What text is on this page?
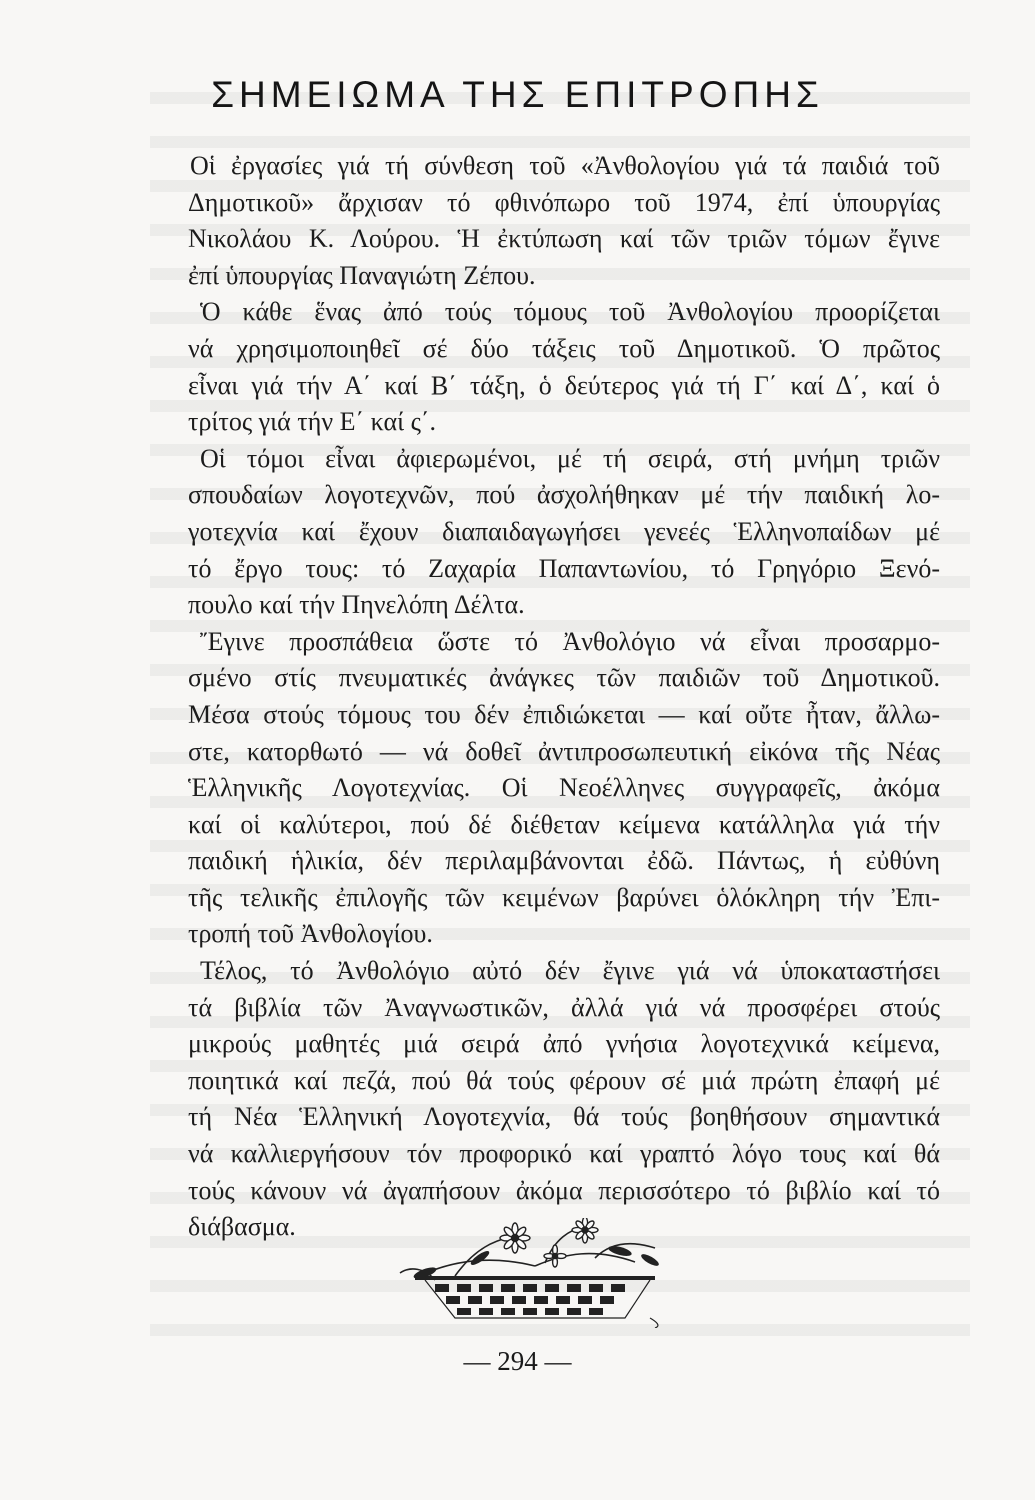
ΣΗΜΕΙΩΜΑ ΤΗΣ ΕΠΙΤΡΟΠΗΣ
Οἱ ἐργασίες γιά τή σύνθεση τοῦ «Ἀνθολογίου γιά τά παιδιά τοῦ
Δημοτικοῦ» ἄρχισαν τό φθινόπωρο τοῦ 1974, ἐπί ὑπουργίας
Νικολάου Κ. Λούρου. Ἡ ἐκτύπωση καί τῶν τριῶν τόμων ἔγινε
ἐπί ὑπουργίας Παναγιώτη Ζέπου.
Ὁ κάθε ἕνας ἀπό τούς τόμους τοῦ Ἀνθολογίου προορίζεται
νά χρησιμοποιηθεῖ σέ δύο τάξεις τοῦ Δημοτικοῦ. Ὁ πρῶτος
εἶναι γιά τήν Α΄ καί Β΄ τάξη, ὁ δεύτερος γιά τή Γ΄ καί Δ΄, καί ὁ
τρίτος γιά τήν Ε΄ καί ς΄.
Οἱ τόμοι εἶναι ἀφιερωμένοι, μέ τή σειρά, στή μνήμη τριῶν
σπουδαίων λογοτεχνῶν, πού ἀσχολήθηκαν μέ τήν παιδική λο-
γοτεχνία καί ἔχουν διαπαιδαγωγήσει γενεές Ἑλληνοπαίδων μέ
τό ἔργο τους: τό Ζαχαρία Παπαντωνίου, τό Γρηγόριο Ξενό-
πουλο καί τήν Πηνελόπη Δέλτα.
Ἔγινε προσπάθεια ὥστε τό Ἀνθολόγιο νά εἶναι προσαρμο-
σμένο στίς πνευματικές ἀνάγκες τῶν παιδιῶν τοῦ Δημοτικοῦ.
Μέσα στούς τόμους του δέν ἐπιδιώκεται — καί οὔτε ἦταν, ἄλλω-
στε, κατορθωτό — νά δοθεῖ ἀντιπροσωπευτική εἰκόνα τῆς Νέας
Ἑλληνικῆς Λογοτεχνίας. Οἱ Νεοέλληνες συγγραφεῖς, ἀκόμα
καί οἱ καλύτεροι, πού δέ διέθεταν κείμενα κατάλληλα γιά τήν
παιδική ἡλικία, δέν περιλαμβάνονται ἐδῶ. Πάντως, ἡ εὐθύνη
τῆς τελικῆς ἐπιλογῆς τῶν κειμένων βαρύνει ὁλόκληρη τήν Ἐπι-
τροπή τοῦ Ἀνθολογίου.
Τέλος, τό Ἀνθολόγιο αὐτό δέν ἔγινε γιά νά ὑποκαταστήσει
τά βιβλία τῶν Ἀναγνωστικῶν, ἀλλά γιά νά προσφέρει στούς
μικρούς μαθητές μιά σειρά ἀπό γνήσια λογοτεχνικά κείμενα,
ποιητικά καί πεζά, πού θά τούς φέρουν σέ μιά πρώτη ἐπαφή μέ
τή Νέα Ἑλληνική Λογοτεχνία, θά τούς βοηθήσουν σημαντικά
νά καλλιεργήσουν τόν προφορικό καί γραπτό λόγο τους καί θά
τούς κάνουν νά ἀγαπήσουν ἀκόμα περισσότερο τό βιβλίο καί τό
διάβασμα.
— 294 —
